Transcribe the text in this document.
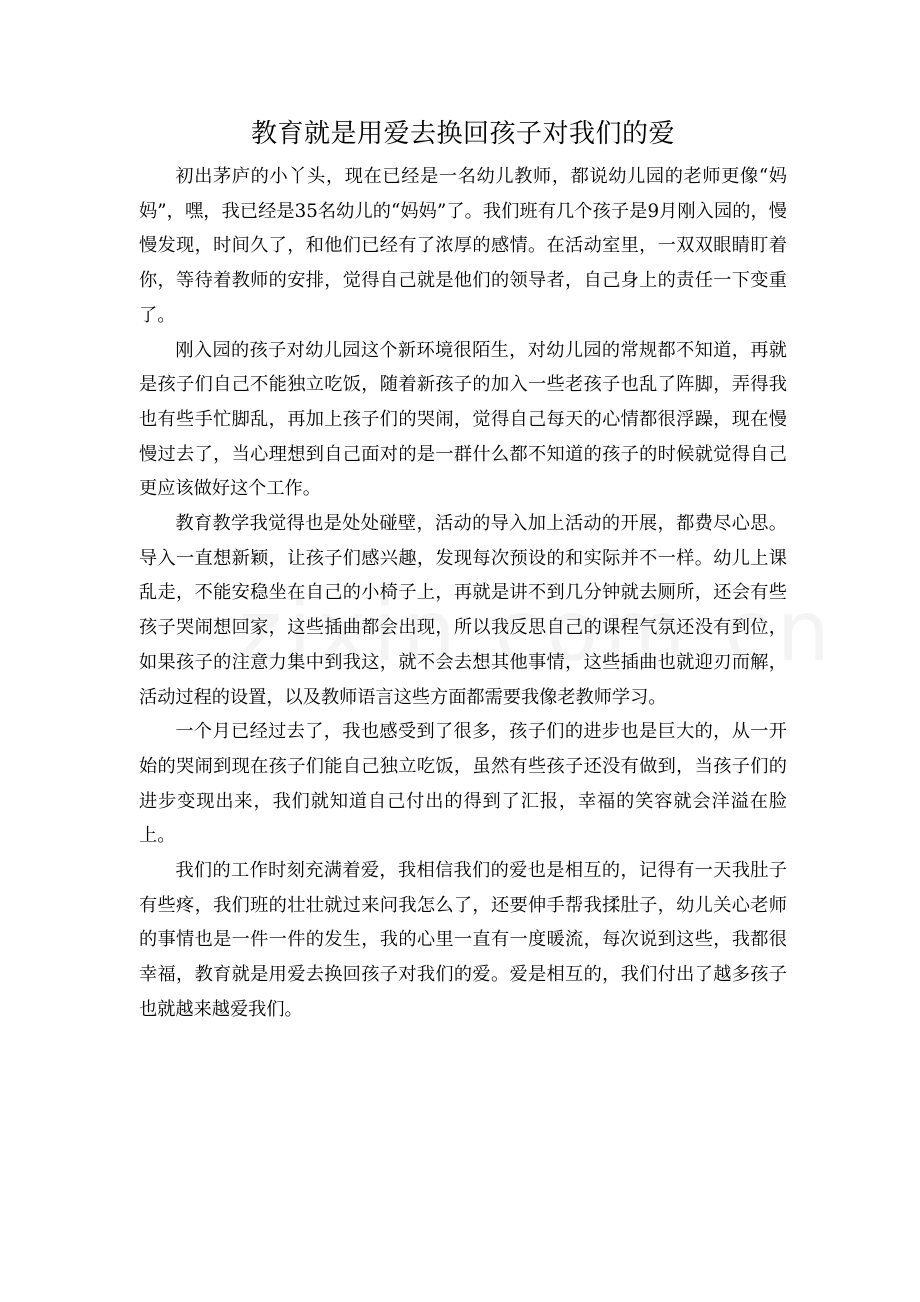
教育就是用爱去换回孩子对我们的爱

初出茅庐的小丫头，现在已经是一名幼儿教师，都说幼儿园的老师更像“妈妈”，嘿，我已经是35名幼儿的“妈妈”了。我们班有几个孩子是9月刚入园的，慢慢发现，时间久了，和他们已经有了浓厚的感情。在活动室里，一双双眼睛盯着你，等待着教师的安排，觉得自己就是他们的领导者，自己身上的责任一下变重了。

刚入园的孩子对幼儿园这个新环境很陌生，对幼儿园的常规都不知道，再就是孩子们自己不能独立吃饭，随着新孩子的加入一些老孩子也乱了阵脚，弄得我也有些手忙脚乱，再加上孩子们的哭闹，觉得自己每天的心情都很浮躁，现在慢慢过去了，当心理想到自己面对的是一群什么都不知道的孩子的时候就觉得自己更应该做好这个工作。

教育教学我觉得也是处处碰壁，活动的导入加上活动的开展，都费尽心思。导入一直想新颖，让孩子们感兴趣，发现每次预设的和实际并不一样。幼儿上课乱走，不能安稳坐在自己的小椅子上，再就是讲不到几分钟就去厕所，还会有些孩子哭闹想回家，这些插曲都会出现，所以我反思自己的课程气氛还没有到位，如果孩子的注意力集中到我这，就不会去想其他事情，这些插曲也就迎刃而解，活动过程的设置，以及教师语言这些方面都需要我像老教师学习。

一个月已经过去了，我也感受到了很多，孩子们的进步也是巨大的，从一开始的哭闹到现在孩子们能自己独立吃饭，虽然有些孩子还没有做到，当孩子们的进步变现出来，我们就知道自己付出的得到了汇报，幸福的笑容就会洋溢在脸上。

我们的工作时刻充满着爱，我相信我们的爱也是相互的，记得有一天我肚子有些疼，我们班的壮壮就过来问我怎么了，还要伸手帮我揉肚子，幼儿关心老师的事情也是一件一件的发生，我的心里一直有一度暖流，每次说到这些，我都很幸福，教育就是用爱去换回孩子对我们的爱。爱是相互的，我们付出了越多孩子也就越来越爱我们。
